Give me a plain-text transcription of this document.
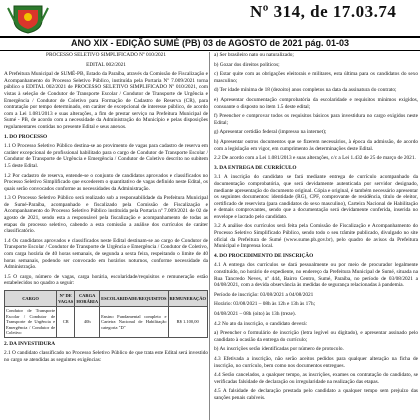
Nº 314, de 17.03.74
ANO XIX - EDIÇÃO SUMÉ (PB) 03 de AGOSTO de 2021 pág. 01-03

PROCESSO SELETIVO SIMPLIFICADO Nº 010/2021

EDITAL 002/2021

A Prefeitura Municipal de SUMÉ-PB, Estado da Paraíba, através da Comissão de Fiscalização e Acompanhamento do Processo Seletivo Público, instituída pela Portaria Nº 7.009/2021 torna público o EDITAL 002/2021 de PROCESSO SELETIVO SIMPLIFICADO Nº 010/2021, com vistas à seleção de Condutor de Transporte Escolar / Condutor de Transporte de Urgência e Emergência / Condutor de Coletivo para Formação de Cadastro de Reserva (CR), para contratação por tempo determinado, em caráter de excepcional de interesse público, de acordo com a Lei 1.081/2013 e suas alterações, a fim de prestar serviço na Prefeitura Municipal de Sumé - PB, de acordo com a necessidade da Administração do Município e pelas disposições regulamentares contidas no presente Edital e seus anexos.

1. DO PROCESSO

1.1 O Processo Seletivo Público destina-se ao provimento de vagas para cadastro de reserva em caráter excepcional de profissional habilitado para o cargo de Condutor de Transporte Escolar / Condutor de Transporte de Urgência e Emergência / Condutor de Coletivo descrito no subitem 1.5 deste Edital.

1.2 Por cadastro de reserva, entende-se o conjunto de candidatos aprovados e classificados no Processo Seletivo Simplificado que excederem o quantitativo de vagas definido neste Edital, os quais serão convocados conforme as necessidades da Administração.

1.3 O Processo Seletivo Público será realizado sob a responsabilidade da Prefeitura Municipal de Sumé-Paraíba, acompanhado e fiscalizado pela Comissão de Fiscalização e Acompanhamento do Processo Seletivo Público instituída pela Portaria nº 7.009/2021 de 02 de agosto de 2021, sendo esta a responsável pela fiscalização e acompanhamento de todas as etapas do processo seletivo, cabendo a esta comissão a análise dos currículos de caráter classificatório.

1.4 Os candidatos aprovados e classificados neste Edital destinam-se ao cargo de Condutor de Transporte Escolar / Condutor de Transporte de Urgência e Emergência / Condutor de Coletivo, com carga horária de 40 horas semanais, de segunda a sexta feira, respeitando o limite de 40 horas semanais, podendo ser convocado em horários noturnos, conforme necessidade da Administração.

1.5 O cargo, número de vagas, carga horária, escolaridade/requisitos e remuneração estão estabelecidos no quadro a seguir:

CARGO	Nº DE VAGAS	CARGA HORÁRIA	ESCOLARIDADE/REQUISITOS	REMUNERAÇÃO
Condutor de Transporte Escolar / Condutor de Transporte de Urgência e Emergência / Condutor de Coletivo	CR	40h	Ensino Fundamental completo e Carteira Nacional de Habilitação categoria "D"	R$ 1.100,00

2. DA INVESTIDURA

2.1 O candidato classificado no Processo Seletivo Público de que trata este Edital será investido no cargo se atendidas as seguintes exigências:

a) Ser brasileiro nato ou naturalizado;

b) Gozar dos direitos políticos;

c) Estar quite com as obrigações eleitorais e militares, esta última para os candidatos do sexo masculino;

d) Ter idade mínima de 18 (dezoito) anos completos na data da assinatura do contrato;

e) Apresentar documentação comprobatória da escolaridade e requisitos mínimos exigidos, consoante o disposto no item 1.5 deste edital;

f) Preencher e comprovar todos os requisitos básicos para investidura no cargo exigidos neste Edital;

g) Apresentar certidão federal (impresso na internet);

h) Apresentar outros documentos que se fizerem necessários, à época da admissão, de acordo com a legislação em vigor, em cumprimento às determinações deste Edital.

2.2 De acordo com a Lei 1.081/2013 e suas alterações, c/c a Lei 1.432 de 25 de março de 2021.

3. DA ENTREGA DE CURRÍCULO

3.1 A inscrição do candidato se fará mediante entrega de currículo acompanhado da documentação comprobatória, que será devidamente autenticada por servidor designado, mediante apresentação do documento original. Cópia e original, é também necessário apresentar os seguintes documentos: identidade (RG), CPF, comprovante de residência, título de eleitor, certificado de reservista (para candidatos do sexo masculino), Carteira Nacional de Habilitação e demais comprovantes, sendo que a documentação será devidamente conferida, inserida no envelope e lacrado pelo candidato.

3.2 A análise dos currículos será feita pela Comissão de Fiscalização e Acompanhamento do Processo Seletivo Simplificado Público, sendo todo o seu trâmite publicado, divulgado no site oficial da Prefeitura de Sumé (www.sume.pb.gov.br), pelo quadro de avisos da Prefeitura Municipal e Imprensa local.

4. DO PROCEDIMENTO DE INSCRIÇÃO

4.1 A entrega dos currículos se dará pessoalmente ou por meio de procurador legalmente constituído, no horário de expediente, no endereço da Prefeitura Municipal de Sumé, situada na Rua Tancredo Neves, nº 444, Bairro Centro, Sumé, Paraíba, no período de 03/08/2021 a 04/08/2021, com a devida observância às medidas de segurança relacionadas à pandemia.

Período de inscrição: 03/08/2021 a 04/08/2021

Horário: 03/08/2021 – 08h às 12h e 13h às 17h;

04/08/2021 – 08h (oito) às 13h (treze).

4.2 No ato da inscrição, o candidato deverá:

a) Preencher o formulário de inscrição (letra legível ou digitado), e apresentar assinado pelo candidato à ocasião da entrega do currículo;

b) As inscrições serão identificadas por número de protocolo.

4.3 Efetivada a inscrição, não serão aceitos pedidos para qualquer alteração na ficha de inscrição, no currículo, bem como nos documentos entregues.

4.4 Serão cancelados, a qualquer tempo, as inscrições, exames ou contratação do candidato, se verificadas falsidade de declaração ou irregularidade na realização das etapas.

4.5 A falsidade de declaração prestada pelo candidato a qualquer tempo sem prejuízo das sanções penais cabíveis.
